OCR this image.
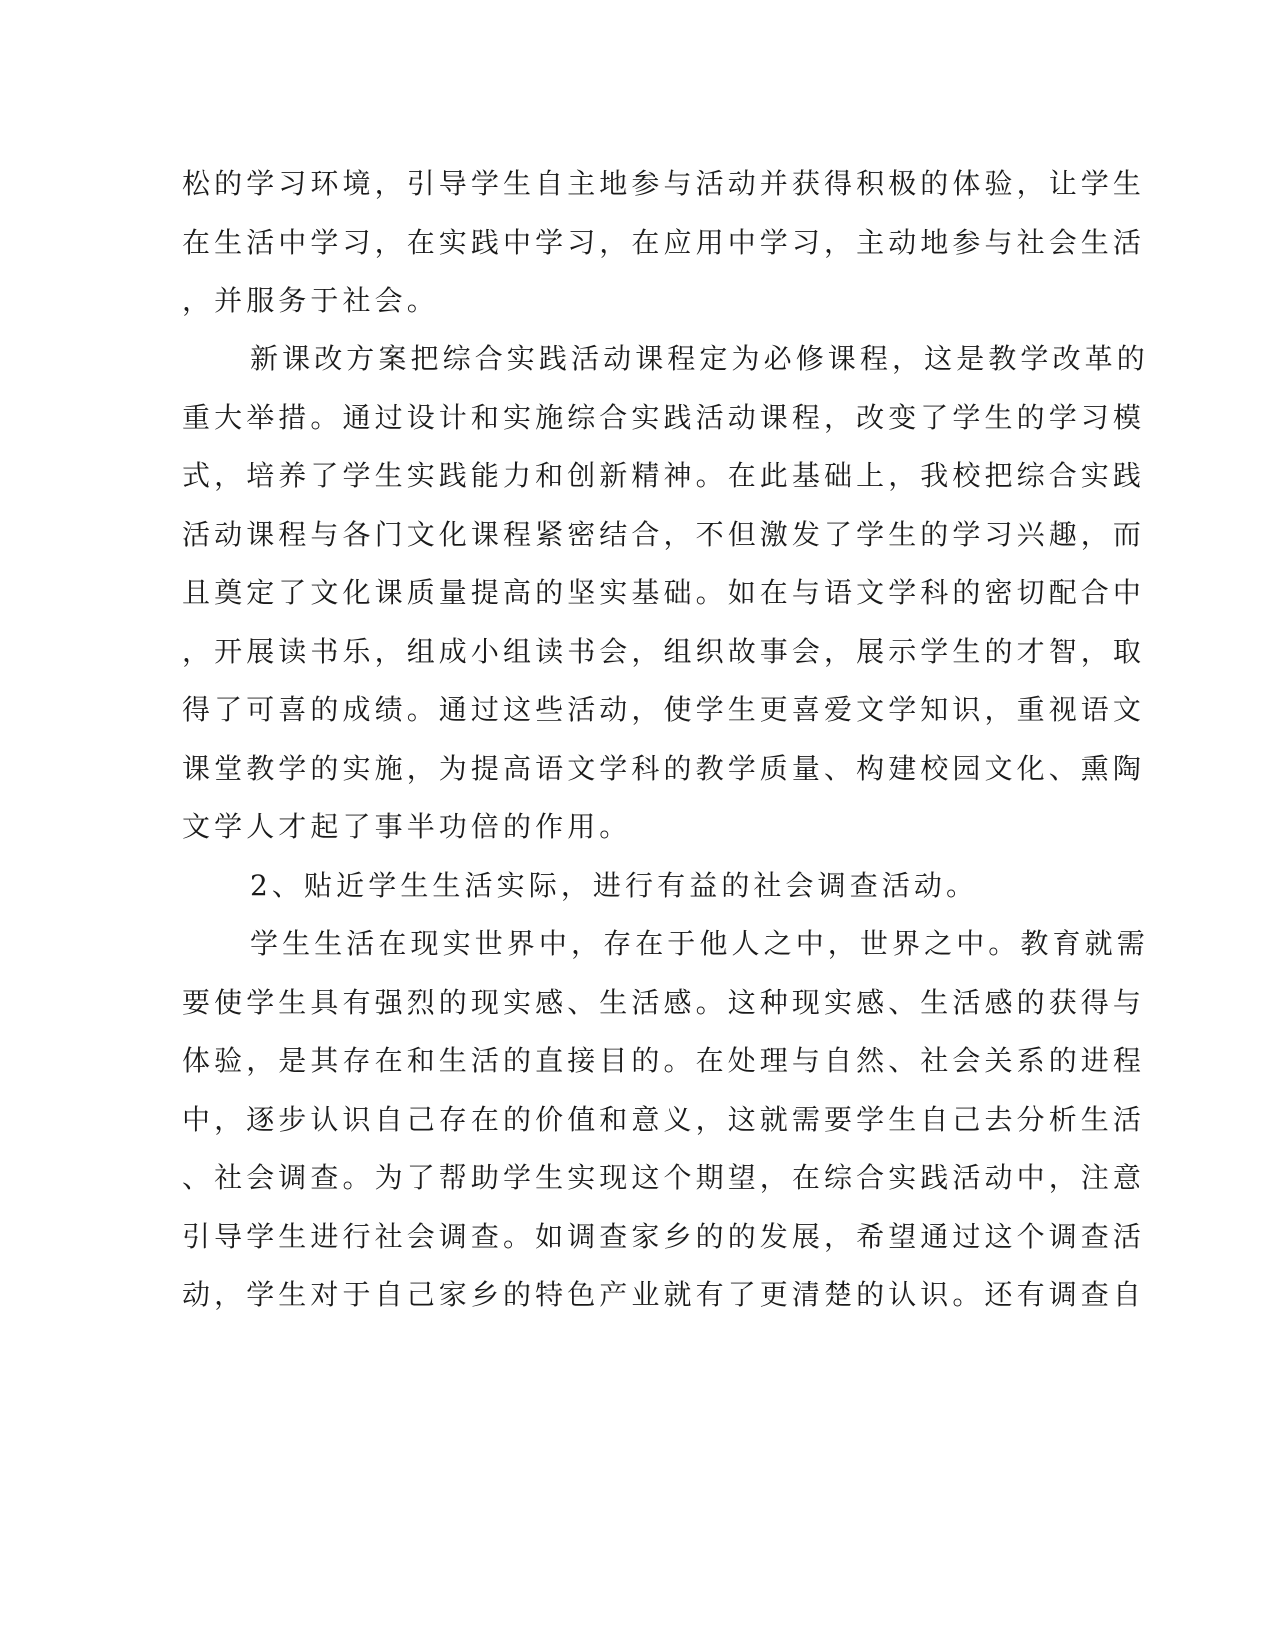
松的学习环境，引导学生自主地参与活动并获得积极的体验，让学生

在生活中学习，在实践中学习，在应用中学习，主动地参与社会生活

，并服务于社会。

新课改方案把综合实践活动课程定为必修课程，这是教学改革的

重大举措。通过设计和实施综合实践活动课程，改变了学生的学习模

式，培养了学生实践能力和创新精神。在此基础上，我校把综合实践

活动课程与各门文化课程紧密结合，不但激发了学生的学习兴趣，而

且奠定了文化课质量提高的坚实基础。如在与语文学科的密切配合中

，开展读书乐，组成小组读书会，组织故事会，展示学生的才智，取

得了可喜的成绩。通过这些活动，使学生更喜爱文学知识，重视语文

课堂教学的实施，为提高语文学科的教学质量、构建校园文化、熏陶

文学人才起了事半功倍的作用。

2、贴近学生生活实际，进行有益的社会调查活动。

学生生活在现实世界中，存在于他人之中，世界之中。教育就需

要使学生具有强烈的现实感、生活感。这种现实感、生活感的获得与

体验，是其存在和生活的直接目的。在处理与自然、社会关系的进程

中，逐步认识自己存在的价值和意义，这就需要学生自己去分析生活

、社会调查。为了帮助学生实现这个期望，在综合实践活动中，注意

引导学生进行社会调查。如调查家乡的的发展，希望通过这个调查活

动，学生对于自己家乡的特色产业就有了更清楚的认识。还有调查自
